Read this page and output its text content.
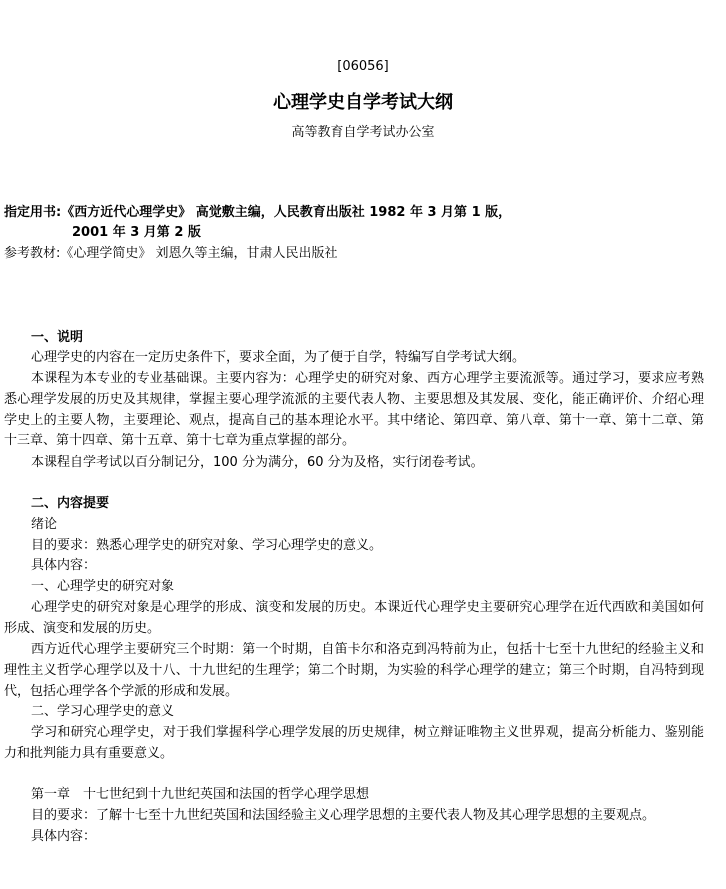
[06056]
心理学史自学考试大纲
高等教育自学考试办公室
指定用书:《西方近代心理学史》 高觉敷主编，人民教育出版社 1982 年 3 月第 1 版，
2001 年 3 月第 2 版
参考教材:《心理学简史》 刘恩久等主编，甘肃人民出版社
一、说明

心理学史的内容在一定历史条件下，要求全面，为了便于自学，特编写自学考试大纲。

本课程为本专业的专业基础课。主要内容为：心理学史的研究对象、西方心理学主要流派等。通过学习，要求应考熟悉心理学发展的历史及其规律，掌握主要心理学流派的主要代表人物、主要思想及其发展、变化，能正确评价、介绍心理学史上的主要人物，主要理论、观点，提高自己的基本理论水平。其中绪论、第四章、第八章、第十一章、第十二章、第十三章、第十四章、第十五章、第十七章为重点掌握的部分。

本课程自学考试以百分制记分，100 分为满分，60 分为及格，实行闭卷考试。

二、内容提要
绪论
目的要求：熟悉心理学史的研究对象、学习心理学史的意义。
具体内容：
一、心理学史的研究对象

心理学史的研究对象是心理学的形成、演变和发展的历史。本课近代心理学史主要研究心理学在近代西欧和美国如何形成、演变和发展的历史。

西方近代心理学主要研究三个时期：第一个时期，自笛卡尔和洛克到冯特前为止，包括十七至十九世纪的经验主义和理性主义哲学心理学以及十八、十九世纪的生理学；第二个时期，为实验的科学心理学的建立；第三个时期，自冯特到现代，包括心理学各个学派的形成和发展。

二、学习心理学史的意义

学习和研究心理学史，对于我们掌握科学心理学发展的历史规律，树立辩证唯物主义世界观，提高分析能力、鉴别能力和批判能力具有重要意义。

第一章　十七世纪到十九世纪英国和法国的哲学心理学思想
目的要求：了解十七至十九世纪英国和法国经验主义心理学思想的主要代表人物及其心理学思想的主要观点。
具体内容：
